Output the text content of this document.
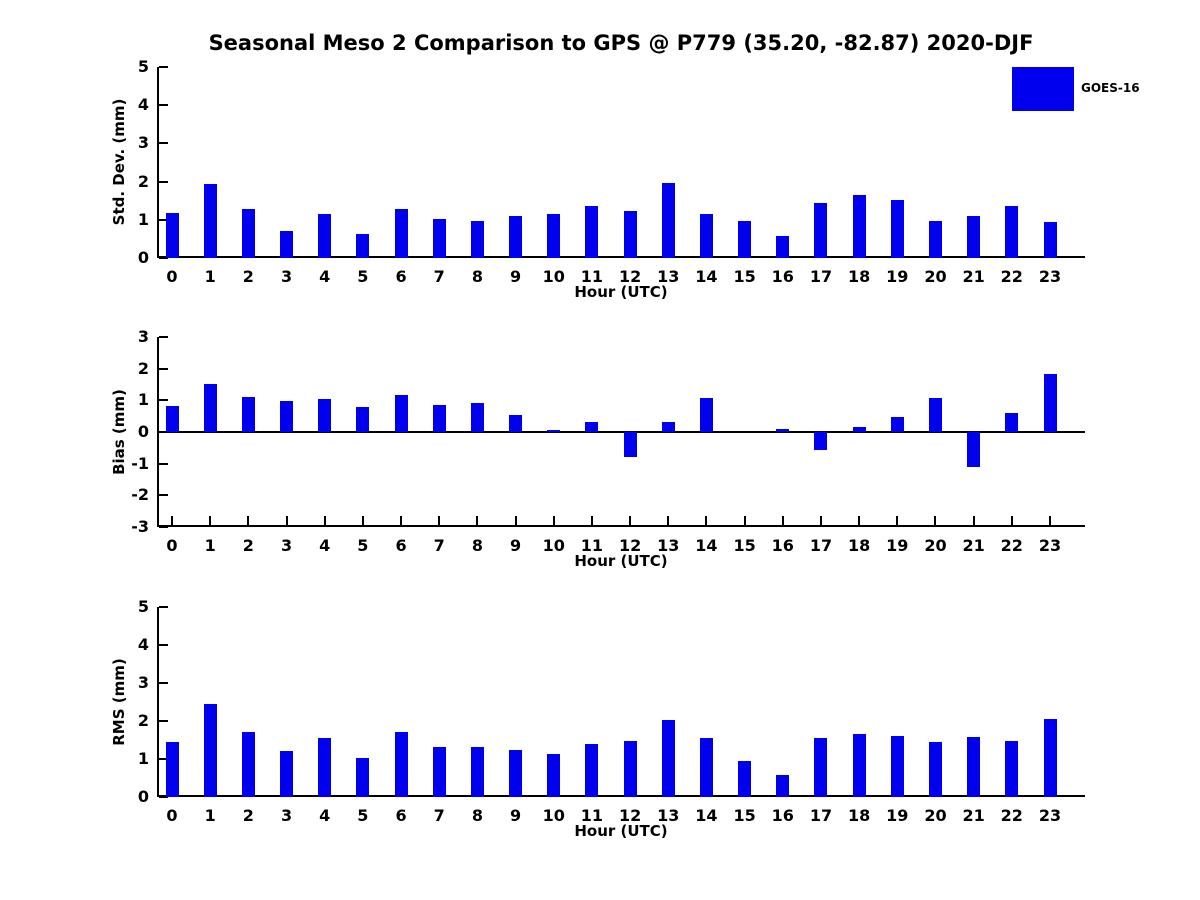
Seasonal Meso 2 Comparison to GPS @ P779 (35.20, -82.87) 2020-DJF
GOES-16
Std. Dev. (mm)
0
1
2
3
4
5
0	1	2	3	4	5	6	7	8	9	10 11 12 13 14 15 16 17 18 19 20 21 22 23
Hour (UTC)
Bias (mm)
-3
-2
-1
0
1
2
3
0	1	2	3	4	5	6	7	8	9	10 11 12 13 14 15 16 17 18 19 20 21 22 23
Hour (UTC)
RMS (mm)
0
1
2
3
4
5
0	1	2	3	4	5	6	7	8	9	10 11 12 13 14 15 16 17 18 19 20 21 22 23
Hour (UTC)
